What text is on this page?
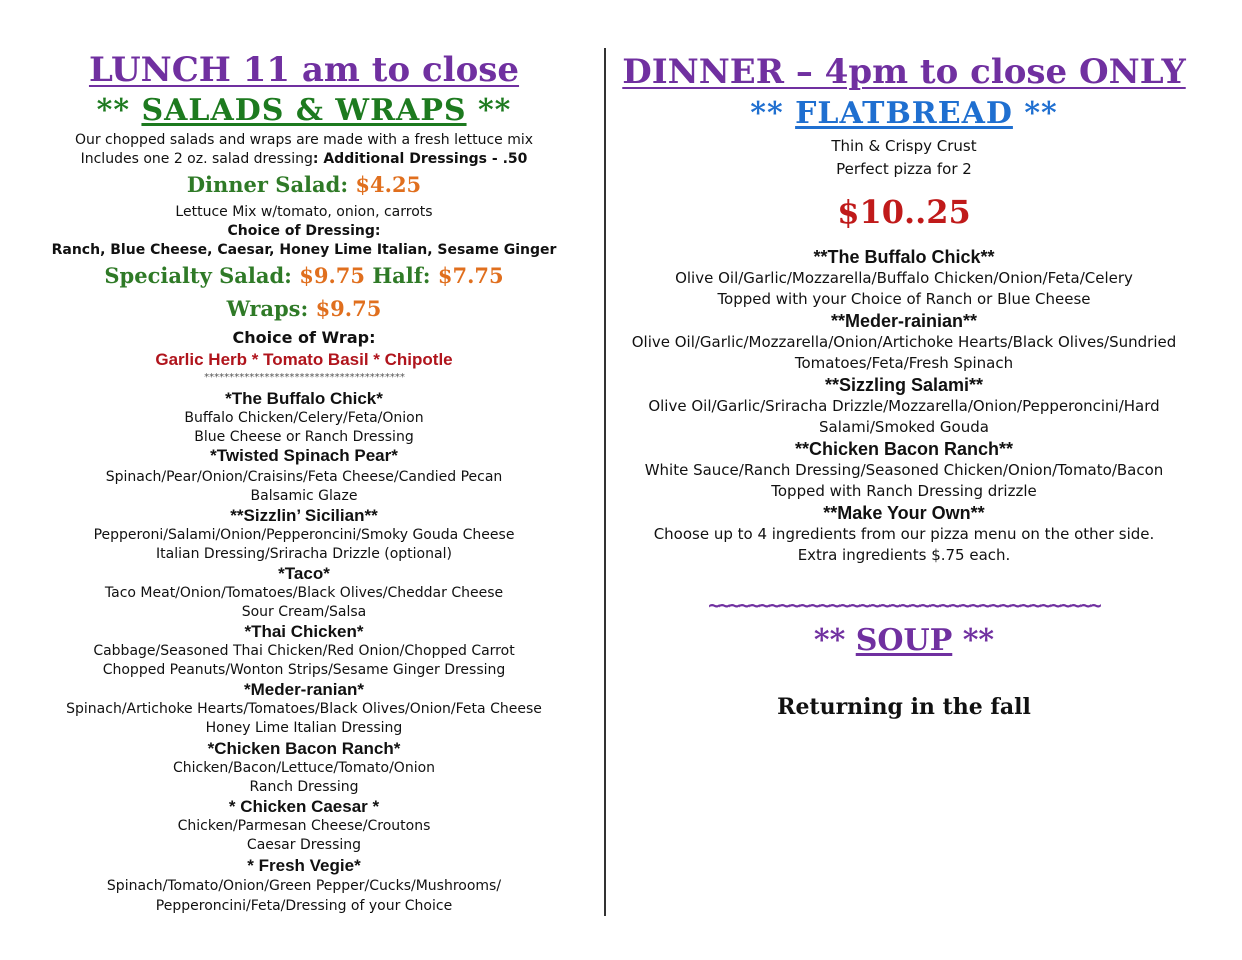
LUNCH 11 am to close
** SALADS & WRAPS **
Our chopped salads and wraps are made with a fresh lettuce mix
Includes one 2 oz. salad dressing: Additional Dressings - .50
Dinner Salad: $4.25
Lettuce Mix w/tomato, onion, carrots
Choice of Dressing:
Ranch, Blue Cheese, Caesar, Honey Lime Italian, Sesame Ginger
Specialty Salad: $9.75 Half: $7.75
Wraps: $9.75
Choice of Wrap:
Garlic Herb * Tomato Basil * Chipotle
****************************************
*The Buffalo Chick*
Buffalo Chicken/Celery/Feta/Onion
Blue Cheese or Ranch Dressing
*Twisted Spinach Pear*
Spinach/Pear/Onion/Craisins/Feta Cheese/Candied Pecan
Balsamic Glaze
**Sizzlin’ Sicilian**
Pepperoni/Salami/Onion/Pepperoncini/Smoky Gouda Cheese
Italian Dressing/Sriracha Drizzle (optional)
*Taco*
Taco Meat/Onion/Tomatoes/Black Olives/Cheddar Cheese
Sour Cream/Salsa
*Thai Chicken*
Cabbage/Seasoned Thai Chicken/Red Onion/Chopped Carrot
Chopped Peanuts/Wonton Strips/Sesame Ginger Dressing
*Meder-ranian*
Spinach/Artichoke Hearts/Tomatoes/Black Olives/Onion/Feta Cheese
Honey Lime Italian Dressing
*Chicken Bacon Ranch*
Chicken/Bacon/Lettuce/Tomato/Onion
Ranch Dressing
* Chicken Caesar *
Chicken/Parmesan Cheese/Croutons
Caesar Dressing
* Fresh Vegie*
Spinach/Tomato/Onion/Green Pepper/Cucks/Mushrooms/
Pepperoncini/Feta/Dressing of your Choice
DINNER – 4pm to close ONLY
** FLATBREAD **
Thin & Crispy Crust
Perfect pizza for 2
$10..25
**The Buffalo Chick**
Olive Oil/Garlic/Mozzarella/Buffalo Chicken/Onion/Feta/Celery
Topped with your Choice of Ranch or Blue Cheese
**Meder-rainian**
Olive Oil/Garlic/Mozzarella/Onion/Artichoke Hearts/Black Olives/Sundried
Tomatoes/Feta/Fresh Spinach
**Sizzling Salami**
Olive Oil/Garlic/Sriracha Drizzle/Mozzarella/Onion/Pepperoncini/Hard
Salami/Smoked Gouda
**Chicken Bacon Ranch**
White Sauce/Ranch Dressing/Seasoned Chicken/Onion/Tomato/Bacon
Topped with Ranch Dressing drizzle
**Make Your Own**
Choose up to 4 ingredients from our pizza menu on the other side.
Extra ingredients $.75 each.
~~~~~~~~~~~~~~~~~~~~~~~~~~~~~~~~~~~~~~~
** SOUP **
Returning in the fall
